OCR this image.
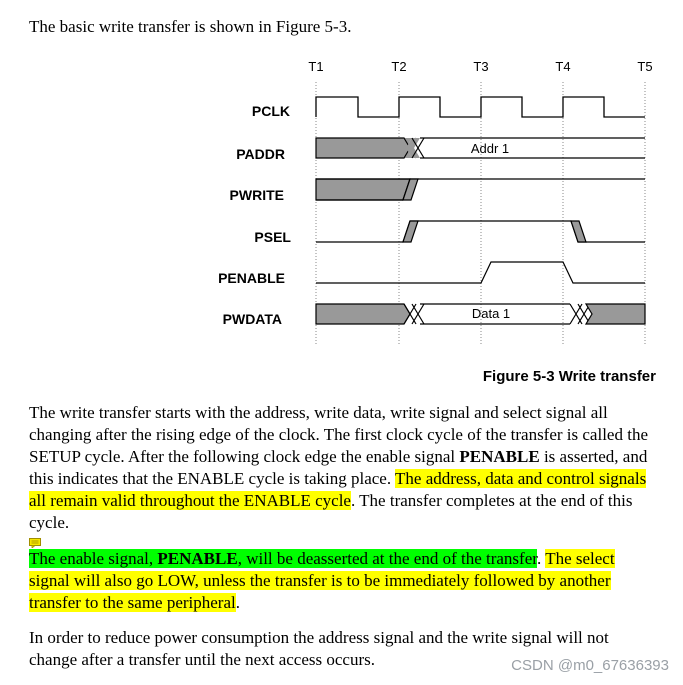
The basic write transfer is shown in Figure 5-3.
T1	T2	T3	T4	T5
PCLK
PADDR
PWRITE
PSEL
PENABLE
PWDATA
Addr 1
Data 1
Figure 5-3 Write transfer
The write transfer starts with the address, write data, write signal and select signal all changing after the rising edge of the clock. The first clock cycle of the transfer is called the SETUP cycle. After the following clock edge the enable signal PENABLE is asserted, and this indicates that the ENABLE cycle is taking place. The address, data and control signals all remain valid throughout the ENABLE cycle. The transfer completes at the end of this cycle.
The enable signal, PENABLE, will be deasserted at the end of the transfer. The select signal will also go LOW, unless the transfer is to be immediately followed by another transfer to the same peripheral.
In order to reduce power consumption the address signal and the write signal will not change after a transfer until the next access occurs.	CSDN @m0_67636393
